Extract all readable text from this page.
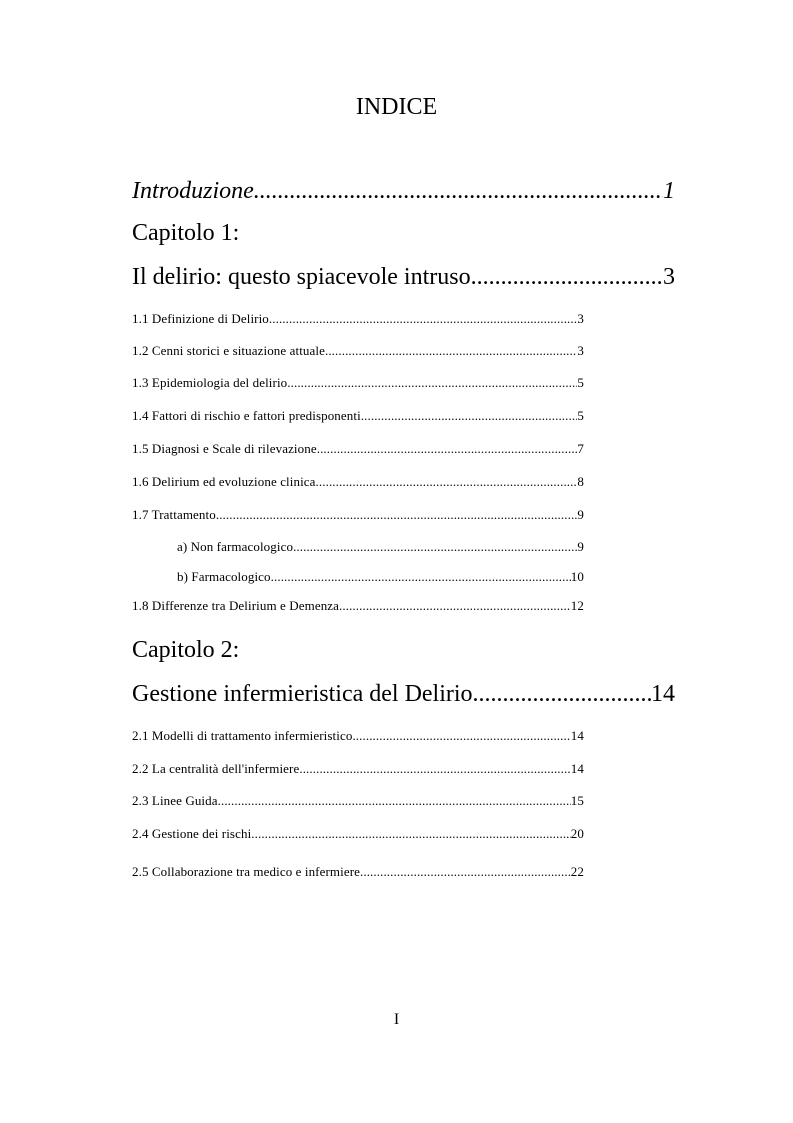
INDICE
Introduzione .....	1
Capitolo 1:
Il delirio: questo spiacevole intruso .....	3
1.1 Definizione di Delirio .....	3
1.2 Cenni storici e situazione attuale .....	3
1.3 Epidemiologia del delirio .....	5
1.4 Fattori di rischio e fattori predisponenti .....	5
1.5 Diagnosi e Scale di rilevazione .....	7
1.6 Delirium ed evoluzione clinica .....	8
1.7 Trattamento .....	9
a) Non farmacologico .....	9
b) Farmacologico .....	10
1.8 Differenze tra Delirium e Demenza .....	12
Capitolo 2:
Gestione infermieristica del Delirio .....	14
2.1 Modelli di trattamento infermieristico .....	14
2.2 La centralità dell'infermiere .....	14
2.3 Linee Guida .....	15
2.4 Gestione dei rischi .....	20
2.5 Collaborazione tra medico e infermiere .....	22
I
